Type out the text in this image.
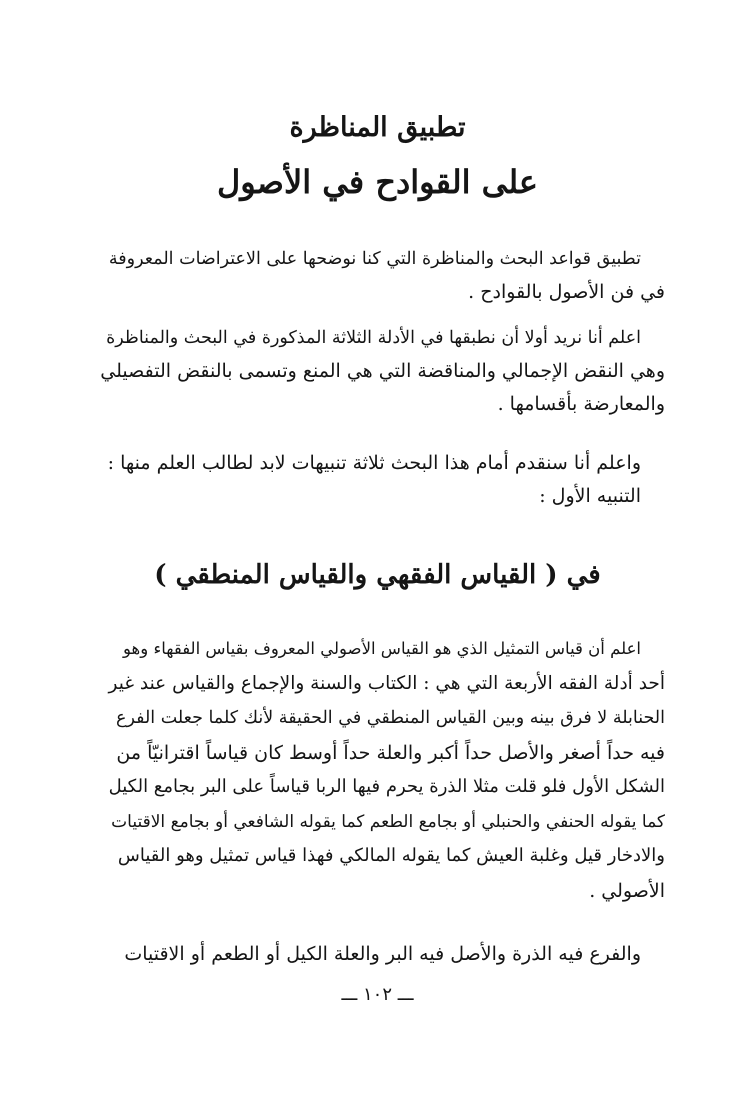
تطبيق المناظرة
على القوادح في الأصول

تطبيق قواعد البحث والمناظرة التي كنا نوضحها على الاعتراضات المعروفة
في فن الأصول بالقوادح .

اعلم أنا نريد أولا أن نطبقها في الأدلة الثلاثة المذكورة في البحث والمناظرة
وهي النقض الإجمالي والمناقضة التي هي المنع وتسمى بالنقض التفصيلي
والمعارضة بأقسامها .

واعلم أنا سنقدم أمام هذا البحث ثلاثة تنبيهات لابد لطالب العلم منها :
التنبيه الأول :

في ( القياس الفقهي والقياس المنطقي )

اعلم أن قياس التمثيل الذي هو القياس الأصولي المعروف بقياس الفقهاء وهو
أحد أدلة الفقه الأربعة التي هي : الكتاب والسنة والإجماع والقياس عند غير
الحنابلة لا فرق بينه وبين القياس المنطقي في الحقيقة لأنك كلما جعلت الفرع
فيه حداً أصغر والأصل حداً أكبر والعلة حداً أوسط كان قياساً اقترانيّاً من
الشكل الأول فلو قلت مثلا الذرة يحرم فيها الربا قياساً على البر بجامع الكيل
كما يقوله الحنفي والحنبلي أو بجامع الطعم كما يقوله الشافعي أو بجامع الاقتيات
والادخار قيل وغلبة العيش كما يقوله المالكي فهذا قياس تمثيل وهو القياس
الأصولي .

والفرع فيه الذرة والأصل فيه البر والعلة الكيل أو الطعم أو الاقتيات

ـــ ١٠٢ ـــ
